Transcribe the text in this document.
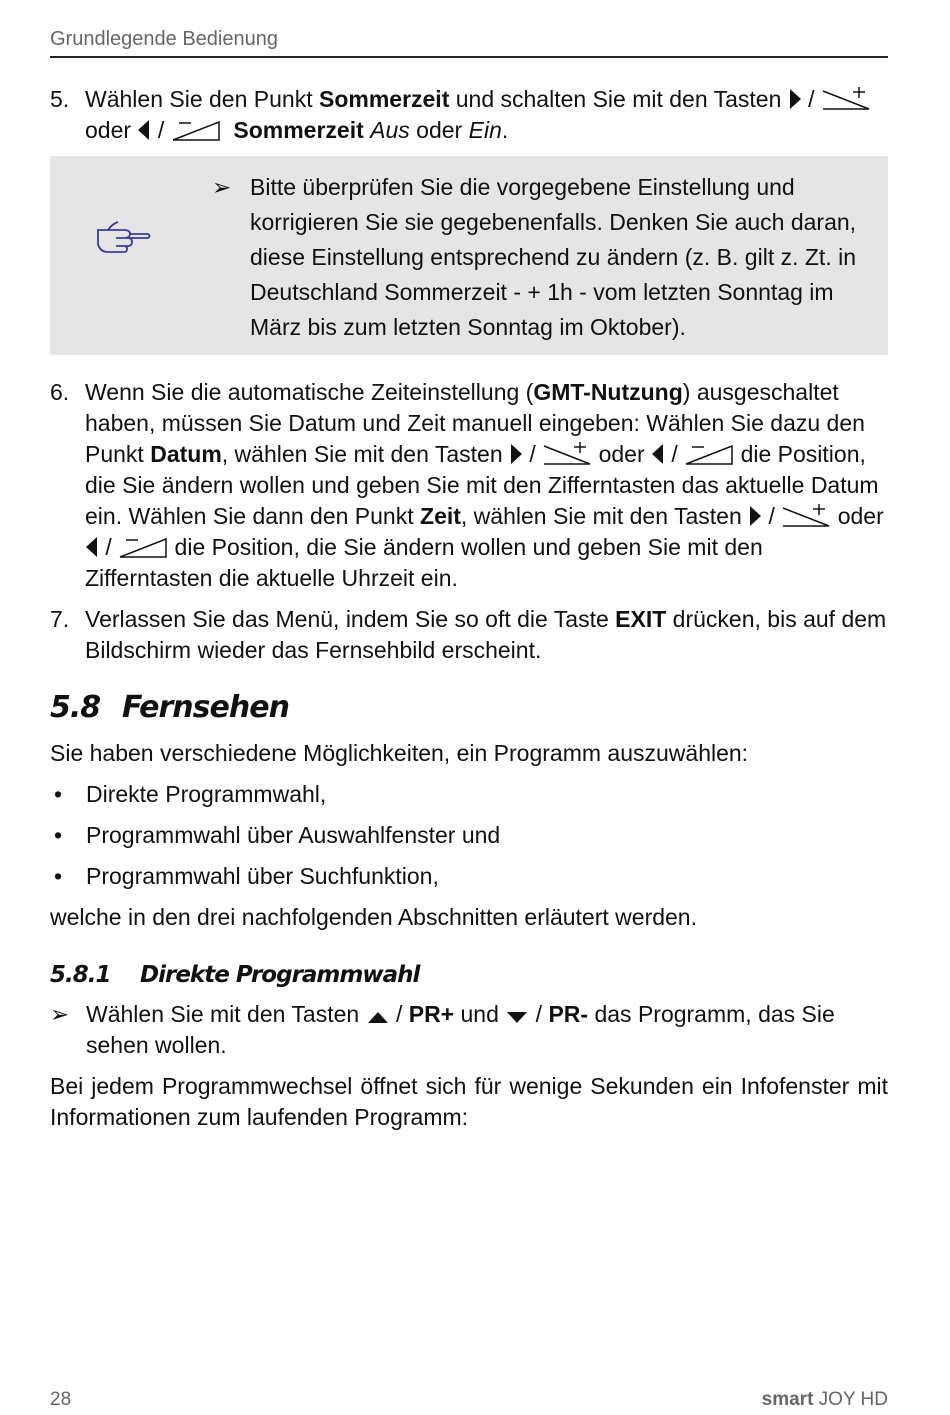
Grundlegende Bedienung
5. Wählen Sie den Punkt Sommerzeit und schalten Sie mit den Tasten  /  oder  /	Sommerzeit Aus oder Ein.
➢ Bitte überprüfen Sie die vorgegebene Einstellung und korrigieren Sie sie gegebenenfalls. Denken Sie auch daran, diese Einstellung entsprechend zu ändern (z. B. gilt z. Zt. in Deutschland Sommerzeit - + 1h - vom letzten Sonntag im März bis zum letzten Sonntag im Oktober).
6. Wenn Sie die automatische Zeiteinstellung (GMT-Nutzung) ausgeschaltet haben, müssen Sie Datum und Zeit manuell eingeben: Wählen Sie dazu den Punkt Datum, wählen Sie mit den Tasten  /  oder  /  die Position, die Sie ändern wollen und geben Sie mit den Zifferntasten das aktuelle Datum ein. Wählen Sie dann den Punkt Zeit, wählen Sie mit den Tasten  /  oder  /  die Position, die Sie ändern wollen und geben Sie mit den Zifferntasten die aktuelle Uhrzeit ein.
7. Verlassen Sie das Menü, indem Sie so oft die Taste EXIT drücken, bis auf dem Bildschirm wieder das Fernsehbild erscheint.
5.8 Fernsehen

Sie haben verschiedene Möglichkeiten, ein Programm auszuwählen:

• Direkte Programmwahl,
• Programmwahl über Auswahlfenster und
• Programmwahl über Suchfunktion,

welche in den drei nachfolgenden Abschnitten erläutert werden.

5.8.1 Direkte Programmwahl
➢ Wählen Sie mit den Tasten  / PR+ und  / PR- das Programm, das Sie sehen wollen.

Bei jedem Programmwechsel öffnet sich für wenige Sekunden ein Infofenster mit Informationen zum laufenden Programm:

28	smart JOY HD
